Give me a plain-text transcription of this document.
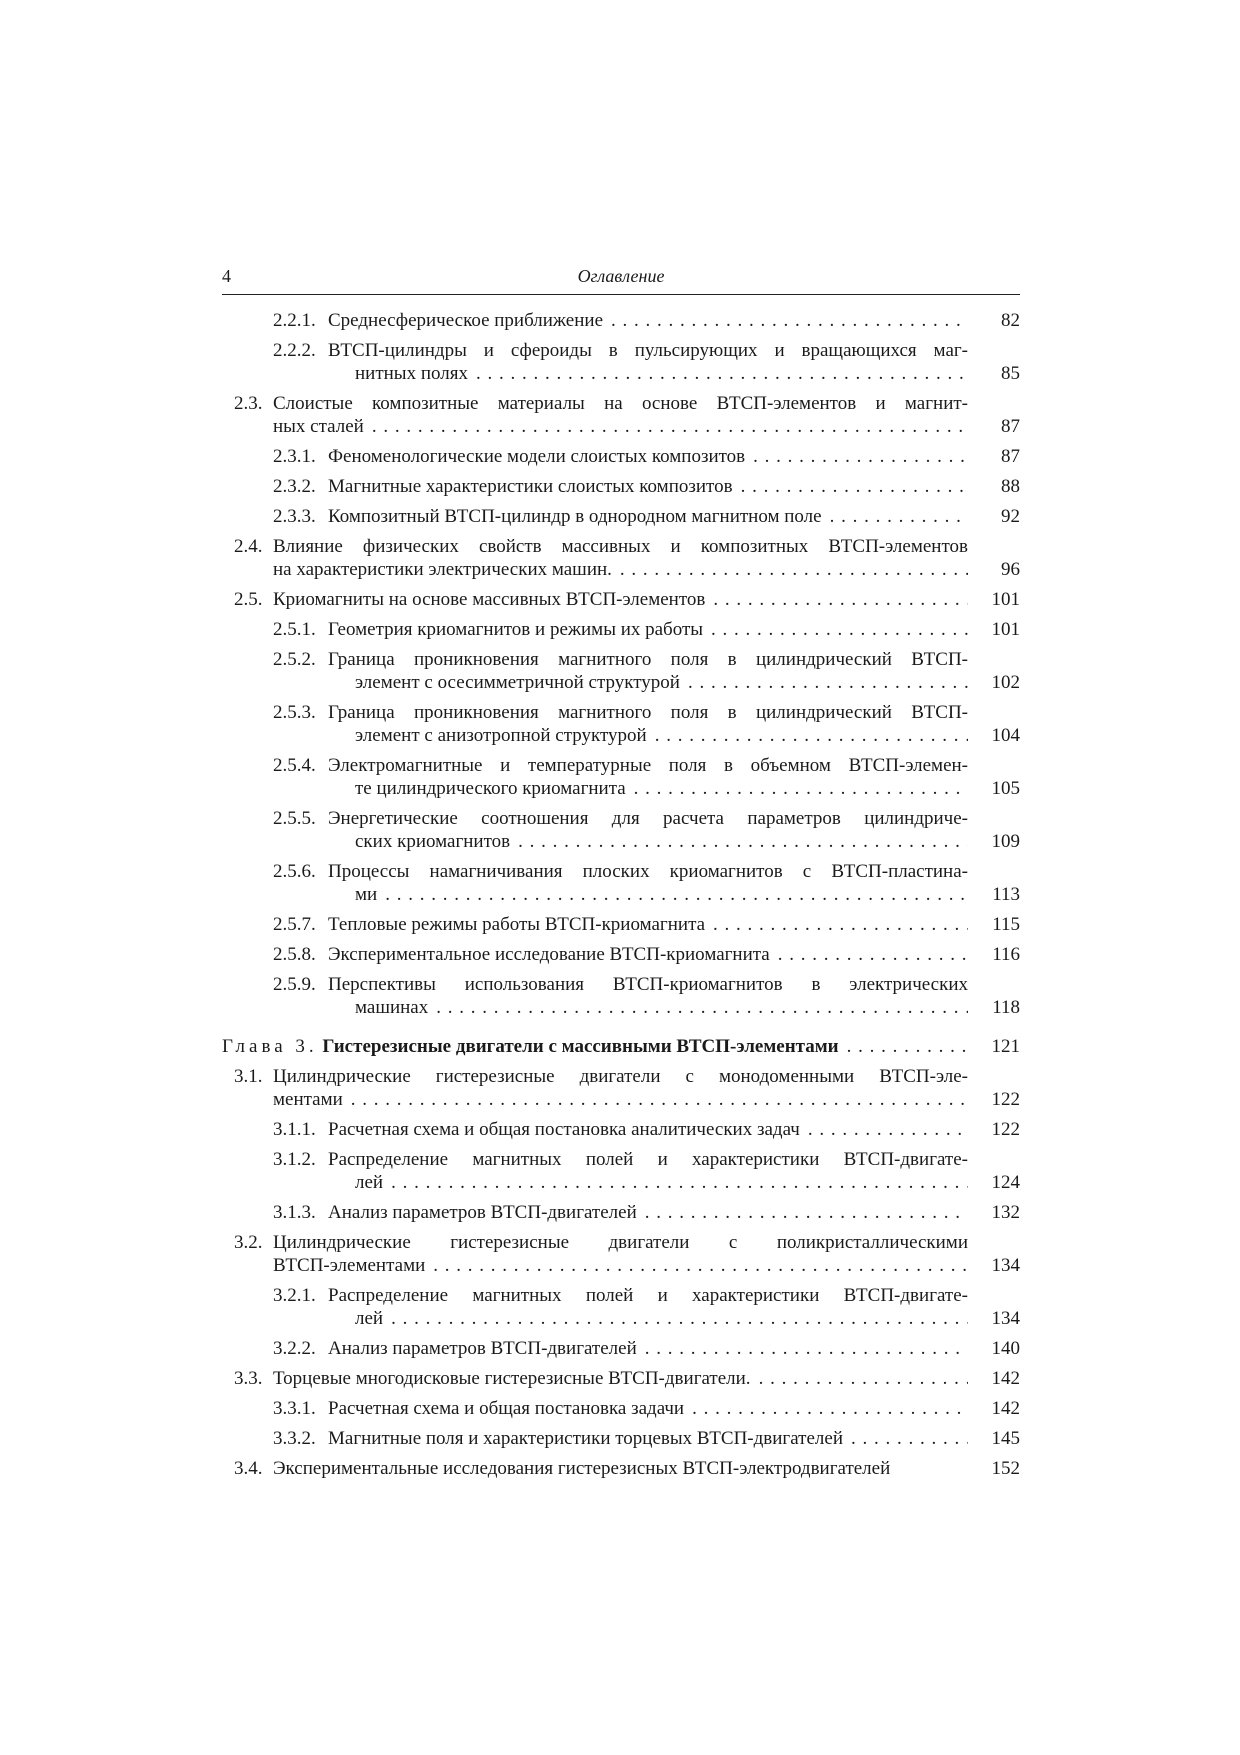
4	Оглавление
2.2.1. Среднесферическое приближение	82
2.2.2. ВТСП-цилиндры и сфероиды в пульсирующих и вращающихся маг-
нитных полях	85
2.3. Слоистые композитные материалы на основе ВТСП-элементов и магнит-
ных сталей	87
2.3.1. Феноменологические модели слоистых композитов	87
2.3.2. Магнитные характеристики слоистых композитов	88
2.3.3. Композитный ВТСП-цилиндр в однородном магнитном поле	92
2.4. Влияние физических свойств массивных и композитных ВТСП-элементов
на характеристики электрических машин.	96
2.5. Криомагниты на основе массивных ВТСП-элементов	101
2.5.1. Геометрия криомагнитов и режимы их работы	101
2.5.2. Граница проникновения магнитного поля в цилиндрический ВТСП-
элемент с осесимметричной структурой	102
2.5.3. Граница проникновения магнитного поля в цилиндрический ВТСП-
элемент с анизотропной структурой	104
2.5.4. Электромагнитные и температурные поля в объемном ВТСП-элемен-
те цилиндрического криомагнита	105
2.5.5. Энергетические соотношения для расчета параметров цилиндриче-
ских криомагнитов	109
2.5.6. Процессы намагничивания плоских криомагнитов с ВТСП-пластина-
ми	113
2.5.7. Тепловые режимы работы ВТСП-криомагнита	115
2.5.8. Экспериментальное исследование ВТСП-криомагнита	116
2.5.9. Перспективы использования ВТСП-криомагнитов в электрических
машинах	118
Глава 3. Гистерезисные двигатели с массивными ВТСП-элементами	121
3.1. Цилиндрические гистерезисные двигатели с монодоменными ВТСП-эле-
ментами	122
3.1.1. Расчетная схема и общая постановка аналитических задач	122
3.1.2. Распределение магнитных полей и характеристики ВТСП-двигате-
лей	124
3.1.3. Анализ параметров ВТСП-двигателей	132
3.2. Цилиндрические гистерезисные двигатели с поликристаллическими
ВТСП-элементами	134
3.2.1. Распределение магнитных полей и характеристики ВТСП-двигате-
лей	134
3.2.2. Анализ параметров ВТСП-двигателей	140
3.3. Торцевые многодисковые гистерезисные ВТСП-двигатели.	142
3.3.1. Расчетная схема и общая постановка задачи	142
3.3.2. Магнитные поля и характеристики торцевых ВТСП-двигателей	145
3.4. Экспериментальные исследования гистерезисных ВТСП-электродвигателей	152
